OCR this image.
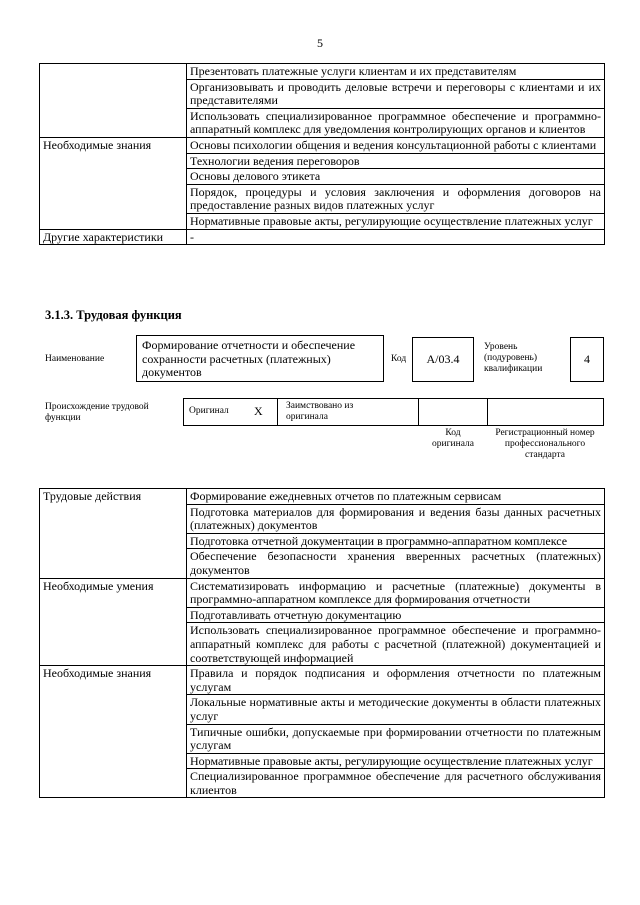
5
	Презентовать платежные услуги клиентам и их представителям
	Организовывать и проводить деловые встречи и переговоры с клиентами и их представителями
	Использовать специализированное программное обеспечение и программно-аппаратный комплекс для уведомления контролирующих органов и клиентов
Необходимые знания	Основы психологии общения и ведения консультационной работы с клиентами
	Технологии ведения переговоров
	Основы делового этикета
	Порядок, процедуры и условия заключения и оформления договоров на предоставление разных видов платежных услуг
	Нормативные правовые акты, регулирующие осуществление платежных услуг
Другие характеристики	-
3.1.3. Трудовая функция
Наименование
Формирование отчетности и обеспечение сохранности расчетных (платежных) документов
Код A/03.4
Уровень (подуровень) квалификации
4
Происхождение трудовой функции
Оригинал X Заимствовано из оригинала
Код оригинала
Регистрационный номер профессионального стандарта
Трудовые действия	Формирование ежедневных отчетов по платежным сервисам
	Подготовка материалов для формирования и ведения базы данных расчетных (платежных) документов
	Подготовка отчетной документации в программно-аппаратном комплексе
	Обеспечение безопасности хранения вверенных расчетных (платежных) документов
Необходимые умения	Систематизировать информацию и расчетные (платежные) документы в программно-аппаратном комплексе для формирования отчетности
	Подготавливать отчетную документацию
	Использовать специализированное программное обеспечение и программно-аппаратный комплекс для работы с расчетной (платежной) документацией и соответствующей информацией
Необходимые знания	Правила и порядок подписания и оформления отчетности по платежным услугам
	Локальные нормативные акты и методические документы в области платежных услуг
	Типичные ошибки, допускаемые при формировании отчетности по платежным услугам
	Нормативные правовые акты, регулирующие осуществление платежных услуг
	Специализированное программное обеспечение для расчетного обслуживания клиентов
